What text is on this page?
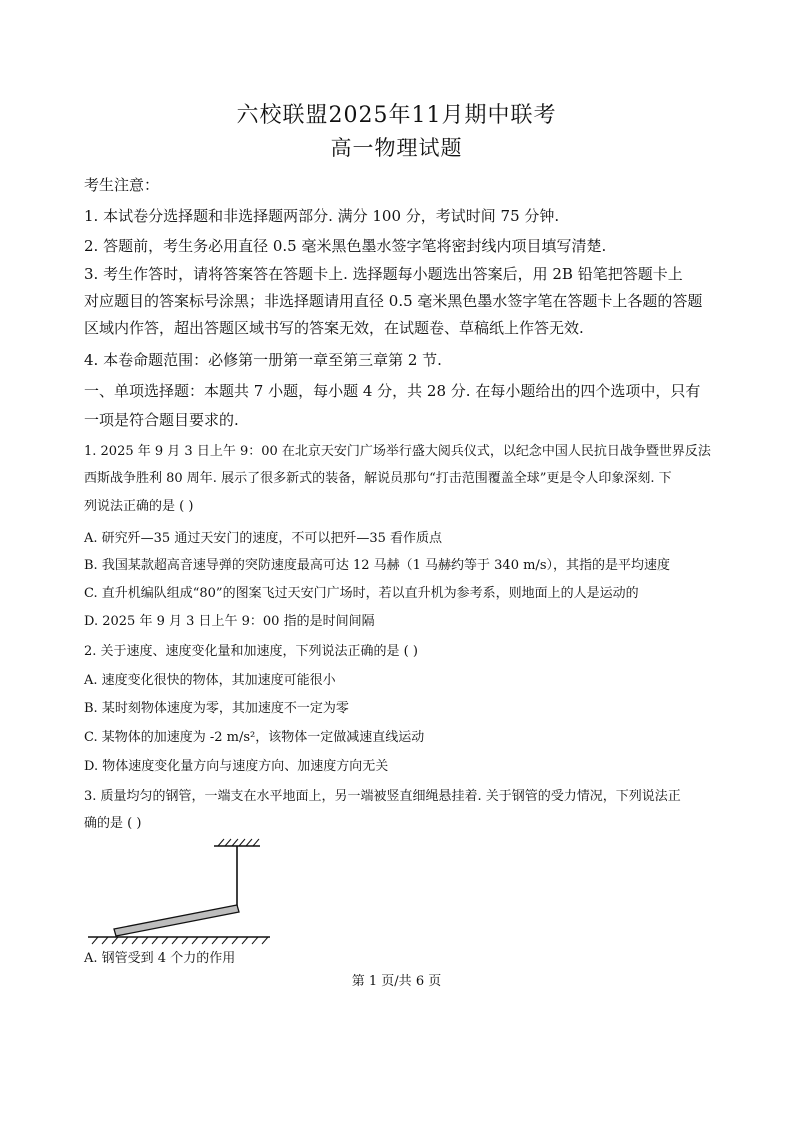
六校联盟2025年11月期中联考
高一物理试题
考生注意：
1. 本试卷分选择题和非选择题两部分. 满分 100 分，考试时间 75 分钟.
2. 答题前，考生务必用直径 0.5 毫米黑色墨水签字笔将密封线内项目填写清楚.
3. 考生作答时，请将答案答在答题卡上. 选择题每小题选出答案后，用 2B 铅笔把答题卡上
对应题目的答案标号涂黑；非选择题请用直径 0.5 毫米黑色墨水签字笔在答题卡上各题的答题
区域内作答，超出答题区域书写的答案无效，在试题卷、草稿纸上作答无效.
4. 本卷命题范围：必修第一册第一章至第三章第 2 节.
一、单项选择题：本题共 7 小题，每小题 4 分，共 28 分. 在每小题给出的四个选项中，只有
一项是符合题目要求的.
1. 2025 年 9 月 3 日上午 9：00 在北京天安门广场举行盛大阅兵仪式，以纪念中国人民抗日战争暨世界反法
西斯战争胜利 80 周年. 展示了很多新式的装备，解说员那句“打击范围覆盖全球”更是令人印象深刻. 下
列说法正确的是 ( )
A. 研究歼—35 通过天安门的速度，不可以把歼—35 看作质点
B. 我国某款超高音速导弹的突防速度最高可达 12 马赫（1 马赫约等于 340 m/s），其指的是平均速度
C. 直升机编队组成“80”的图案飞过天安门广场时，若以直升机为参考系，则地面上的人是运动的
D. 2025 年 9 月 3 日上午 9：00 指的是时间间隔
2. 关于速度、速度变化量和加速度，下列说法正确的是 ( )
A. 速度变化很快的物体，其加速度可能很小
B. 某时刻物体速度为零，其加速度不一定为零
C. 某物体的加速度为 -2 m/s²，该物体一定做减速直线运动
D. 物体速度变化量方向与速度方向、加速度方向无关
3. 质量均匀的钢管，一端支在水平地面上，另一端被竖直细绳悬挂着. 关于钢管的受力情况，下列说法正
确的是 ( )
A. 钢管受到 4 个力的作用
第 1 页/共 6 页
